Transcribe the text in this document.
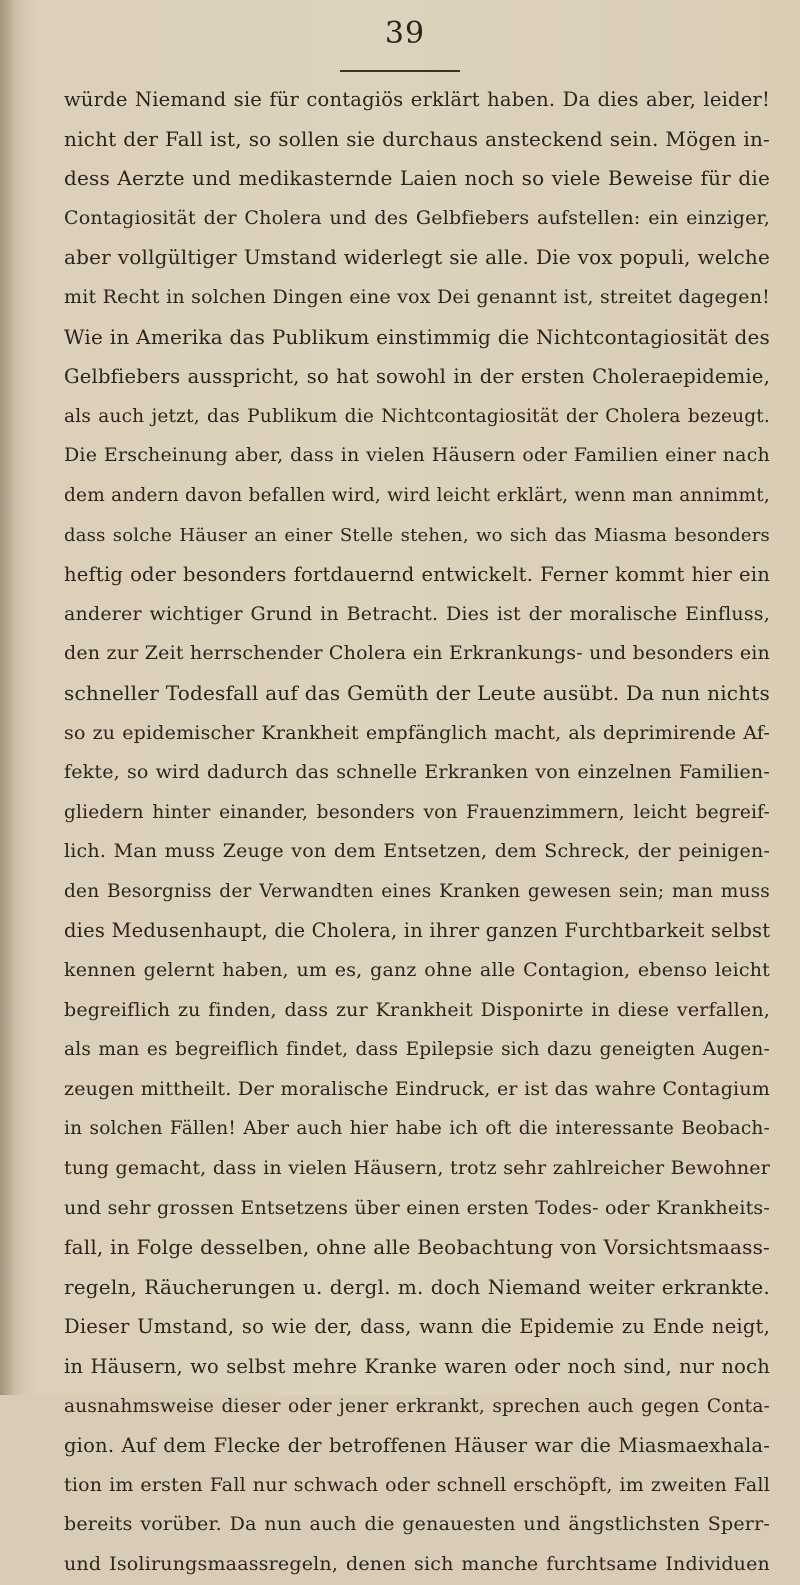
39
würde Niemand sie für contagiös erklärt haben. Da dies aber, leider!
nicht der Fall ist, so sollen sie durchaus ansteckend sein. Mögen in-
dess Aerzte und medikasternde Laien noch so viele Beweise für die
Contagiosität der Cholera und des Gelbfiebers aufstellen: ein einziger,
aber vollgültiger Umstand widerlegt sie alle. Die vox populi, welche
mit Recht in solchen Dingen eine vox Dei genannt ist, streitet dagegen!
Wie in Amerika das Publikum einstimmig die Nichtcontagiosität des
Gelbfiebers ausspricht, so hat sowohl in der ersten Choleraepidemie,
als auch jetzt, das Publikum die Nichtcontagiosität der Cholera bezeugt.
Die Erscheinung aber, dass in vielen Häusern oder Familien einer nach
dem andern davon befallen wird, wird leicht erklärt, wenn man annimmt,
dass solche Häuser an einer Stelle stehen, wo sich das Miasma besonders
heftig oder besonders fortdauernd entwickelt. Ferner kommt hier ein
anderer wichtiger Grund in Betracht. Dies ist der moralische Einfluss,
den zur Zeit herrschender Cholera ein Erkrankungs- und besonders ein
schneller Todesfall auf das Gemüth der Leute ausübt. Da nun nichts
so zu epidemischer Krankheit empfänglich macht, als deprimirende Af-
fekte, so wird dadurch das schnelle Erkranken von einzelnen Familien-
gliedern hinter einander, besonders von Frauenzimmern, leicht begreif-
lich. Man muss Zeuge von dem Entsetzen, dem Schreck, der peinigen-
den Besorgniss der Verwandten eines Kranken gewesen sein; man muss
dies Medusenhaupt, die Cholera, in ihrer ganzen Furchtbarkeit selbst
kennen gelernt haben, um es, ganz ohne alle Contagion, ebenso leicht
begreiflich zu finden, dass zur Krankheit Disponirte in diese verfallen,
als man es begreiflich findet, dass Epilepsie sich dazu geneigten Augen-
zeugen mittheilt. Der moralische Eindruck, er ist das wahre Contagium
in solchen Fällen! Aber auch hier habe ich oft die interessante Beobach-
tung gemacht, dass in vielen Häusern, trotz sehr zahlreicher Bewohner
und sehr grossen Entsetzens über einen ersten Todes- oder Krankheits-
fall, in Folge desselben, ohne alle Beobachtung von Vorsichtsmaass-
regeln, Räucherungen u. dergl. m. doch Niemand weiter erkrankte.
Dieser Umstand, so wie der, dass, wann die Epidemie zu Ende neigt,
in Häusern, wo selbst mehre Kranke waren oder noch sind, nur noch
ausnahmsweise dieser oder jener erkrankt, sprechen auch gegen Conta-
gion. Auf dem Flecke der betroffenen Häuser war die Miasmaexhala-
tion im ersten Fall nur schwach oder schnell erschöpft, im zweiten Fall
bereits vorüber. Da nun auch die genauesten und ängstlichsten Sperr-
und Isolirungsmaassregeln, denen sich manche furchtsame Individuen
